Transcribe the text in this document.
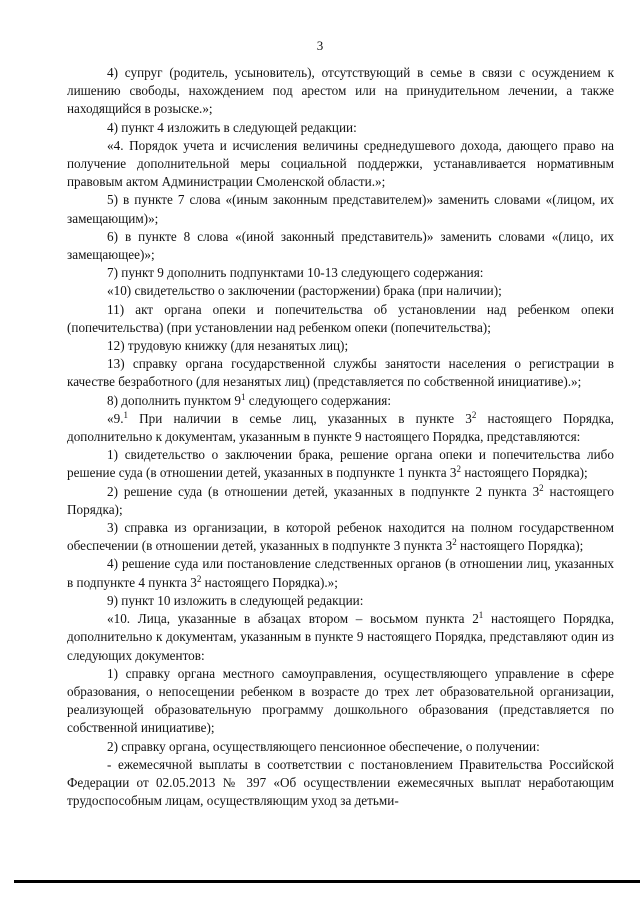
3

4) супруг (родитель, усыновитель), отсутствующий в семье в связи с осуждением к лишению свободы, нахождением под арестом или на принудительном лечении, а также находящийся в розыске.»;

4) пункт 4 изложить в следующей редакции:

«4. Порядок учета и исчисления величины среднедушевого дохода, дающего право на получение дополнительной меры социальной поддержки, устанавливается нормативным правовым актом Администрации Смоленской области.»;

5) в пункте 7 слова «(иным законным представителем)» заменить словами «(лицом, их замещающим)»;

6) в пункте 8 слова «(иной законный представитель)» заменить словами «(лицо, их замещающее)»;

7) пункт 9 дополнить подпунктами 10-13 следующего содержания:

«10) свидетельство о заключении (расторжении) брака (при наличии);

11) акт органа опеки и попечительства об установлении над ребенком опеки (попечительства) (при установлении над ребенком опеки (попечительства);

12) трудовую книжку (для незанятых лиц);

13) справку органа государственной службы занятости населения о регистрации в качестве безработного (для незанятых лиц) (представляется по собственной инициативе).»;

8) дополнить пунктом $9^1$ следующего содержания:

«9.$^1$ При наличии в семье лиц, указанных в пункте $3^2$ настоящего Порядка, дополнительно к документам, указанным в пункте 9 настоящего Порядка, представляются:

1) свидетельство о заключении брака, решение органа опеки и попечительства либо решение суда (в отношении детей, указанных в подпункте 1 пункта $3^2$ настоящего Порядка);

2) решение суда (в отношении детей, указанных в подпункте 2 пункта $3^2$ настоящего Порядка);

3) справка из организации, в которой ребенок находится на полном государственном обеспечении (в отношении детей, указанных в подпункте 3 пункта $3^2$ настоящего Порядка);

4) решение суда или постановление следственных органов (в отношении лиц, указанных в подпункте 4 пункта $3^2$ настоящего Порядка).»;

9) пункт 10 изложить в следующей редакции:

«10. Лица, указанные в абзацах втором – восьмом пункта $2^1$ настоящего Порядка, дополнительно к документам, указанным в пункте 9 настоящего Порядка, представляют один из следующих документов:

1) справку органа местного самоуправления, осуществляющего управление в сфере образования, о непосещении ребенком в возрасте до трех лет образовательной организации, реализующей образовательную программу дошкольного образования (представляется по собственной инициативе);

2) справку органа, осуществляющего пенсионное обеспечение, о получении:

- ежемесячной выплаты в соответствии с постановлением Правительства Российской Федерации от 02.05.2013 № 397 «Об осуществлении ежемесячных выплат неработающим трудоспособным лицам, осуществляющим уход за детьми-
